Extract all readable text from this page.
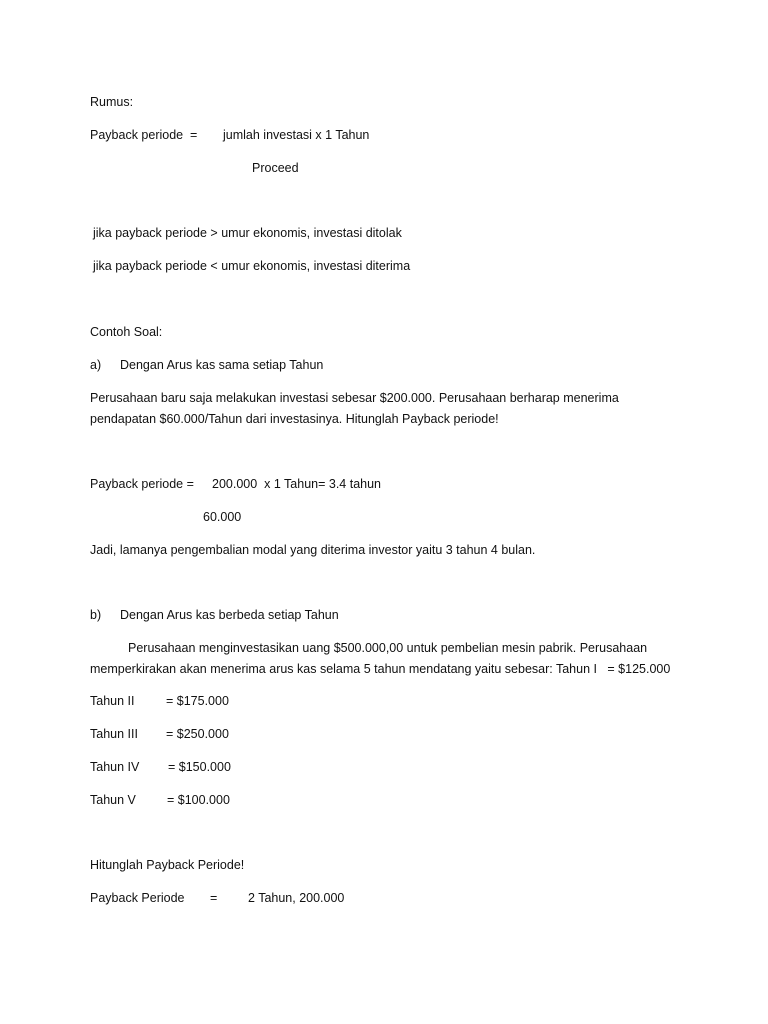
Rumus:
Payback periode  = jumlah investasi x 1 Tahun
Proceed
jika payback periode > umur ekonomis, investasi ditolak
jika payback periode < umur ekonomis, investasi diterima
Contoh Soal:
a) Dengan Arus kas sama setiap Tahun
Perusahaan baru saja melakukan investasi sebesar $200.000. Perusahaan berharap menerima
pendapatan $60.000/Tahun dari investasinya. Hitunglah Payback periode!
Payback periode = 200.000  x 1 Tahun= 3.4 tahun
60.000
Jadi, lamanya pengembalian modal yang diterima investor yaitu 3 tahun 4 bulan.
b) Dengan Arus kas berbeda setiap Tahun
Perusahaan menginvestasikan uang $500.000,00 untuk pembelian mesin pabrik. Perusahaan
memperkirakan akan menerima arus kas selama 5 tahun mendatang yaitu sebesar: Tahun I   = $125.000
Tahun II	= $175.000
Tahun III = $250.000
Tahun IV = $150.000
Tahun V = $100.000
Hitunglah Payback Periode!
Payback Periode = 2 Tahun, 200.000
